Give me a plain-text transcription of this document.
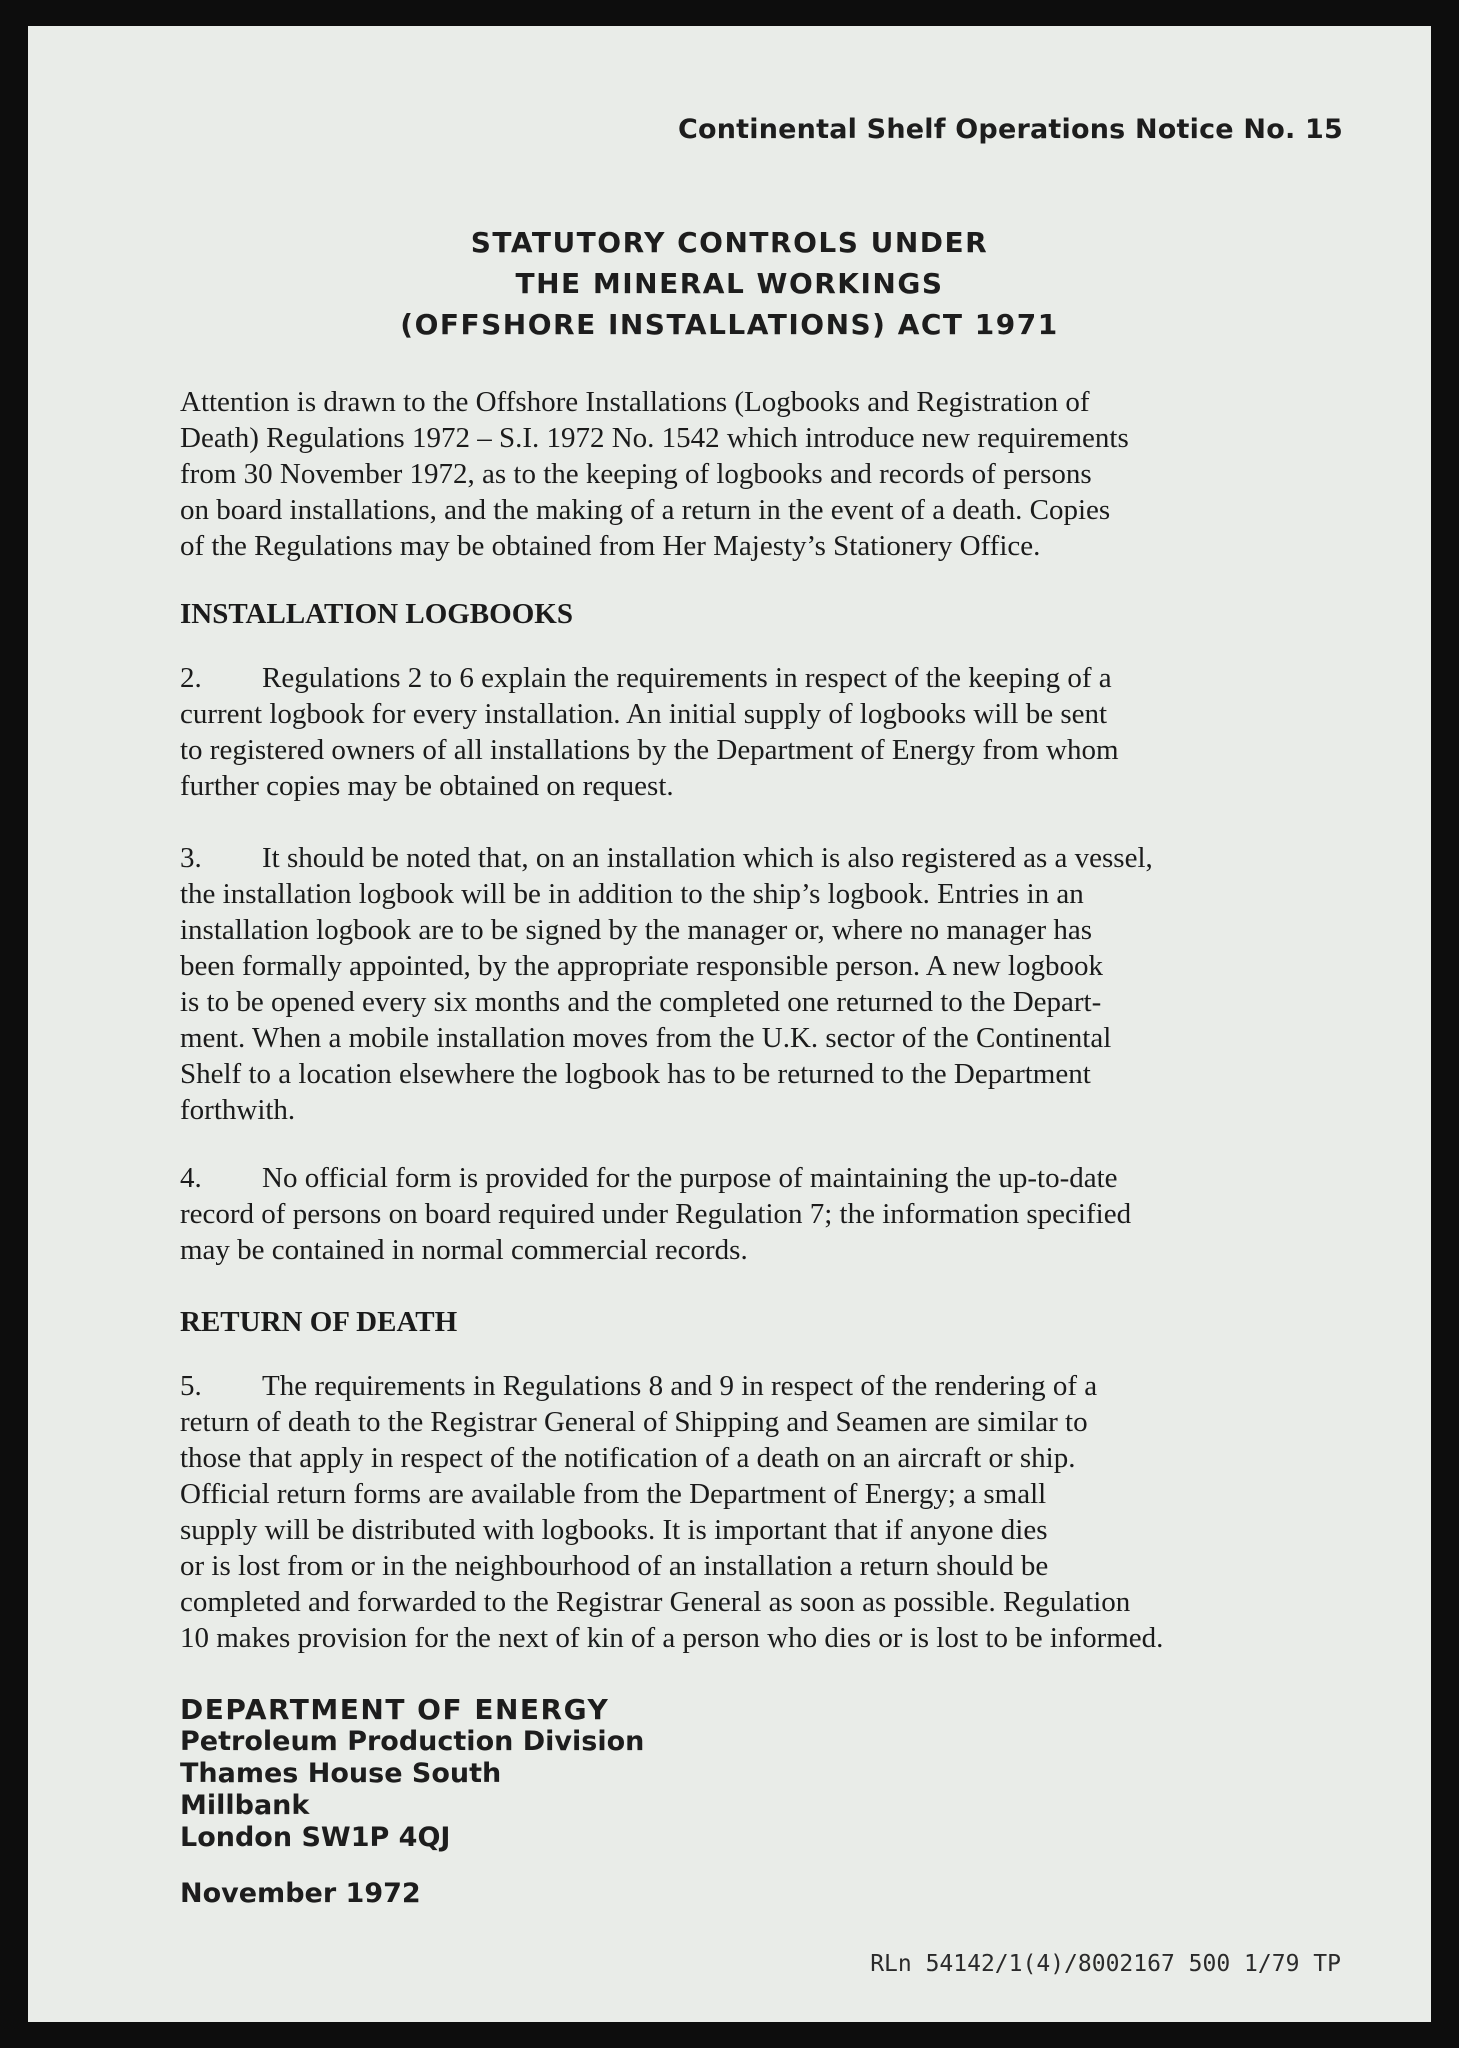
Continental Shelf Operations Notice No. 15
STATUTORY CONTROLS UNDER
THE MINERAL WORKINGS
(OFFSHORE INSTALLATIONS) ACT 1971
Attention is drawn to the Offshore Installations (Logbooks and Registration of
Death) Regulations 1972 – S.I. 1972 No. 1542 which introduce new requirements
from 30 November 1972, as to the keeping of logbooks and records of persons
on board installations, and the making of a return in the event of a death. Copies
of the Regulations may be obtained from Her Majesty’s Stationery Office.
INSTALLATION LOGBOOKS
2. Regulations 2 to 6 explain the requirements in respect of the keeping of a
current logbook for every installation. An initial supply of logbooks will be sent
to registered owners of all installations by the Department of Energy from whom
further copies may be obtained on request.
3. It should be noted that, on an installation which is also registered as a vessel,
the installation logbook will be in addition to the ship’s logbook. Entries in an
installation logbook are to be signed by the manager or, where no manager has
been formally appointed, by the appropriate responsible person. A new logbook
is to be opened every six months and the completed one returned to the Depart-
ment. When a mobile installation moves from the U.K. sector of the Continental
Shelf to a location elsewhere the logbook has to be returned to the Department
forthwith.
4. No official form is provided for the purpose of maintaining the up-to-date
record of persons on board required under Regulation 7; the information specified
may be contained in normal commercial records.
RETURN OF DEATH
5. The requirements in Regulations 8 and 9 in respect of the rendering of a
return of death to the Registrar General of Shipping and Seamen are similar to
those that apply in respect of the notification of a death on an aircraft or ship.
Official return forms are available from the Department of Energy; a small
supply will be distributed with logbooks. It is important that if anyone dies
or is lost from or in the neighbourhood of an installation a return should be
completed and forwarded to the Registrar General as soon as possible. Regulation
10 makes provision for the next of kin of a person who dies or is lost to be informed.
DEPARTMENT OF ENERGY
Petroleum Production Division
Thames House South
Millbank
London SW1P 4QJ
November 1972
RLn 54142/1(4)/8002167 500 1/79 TP
